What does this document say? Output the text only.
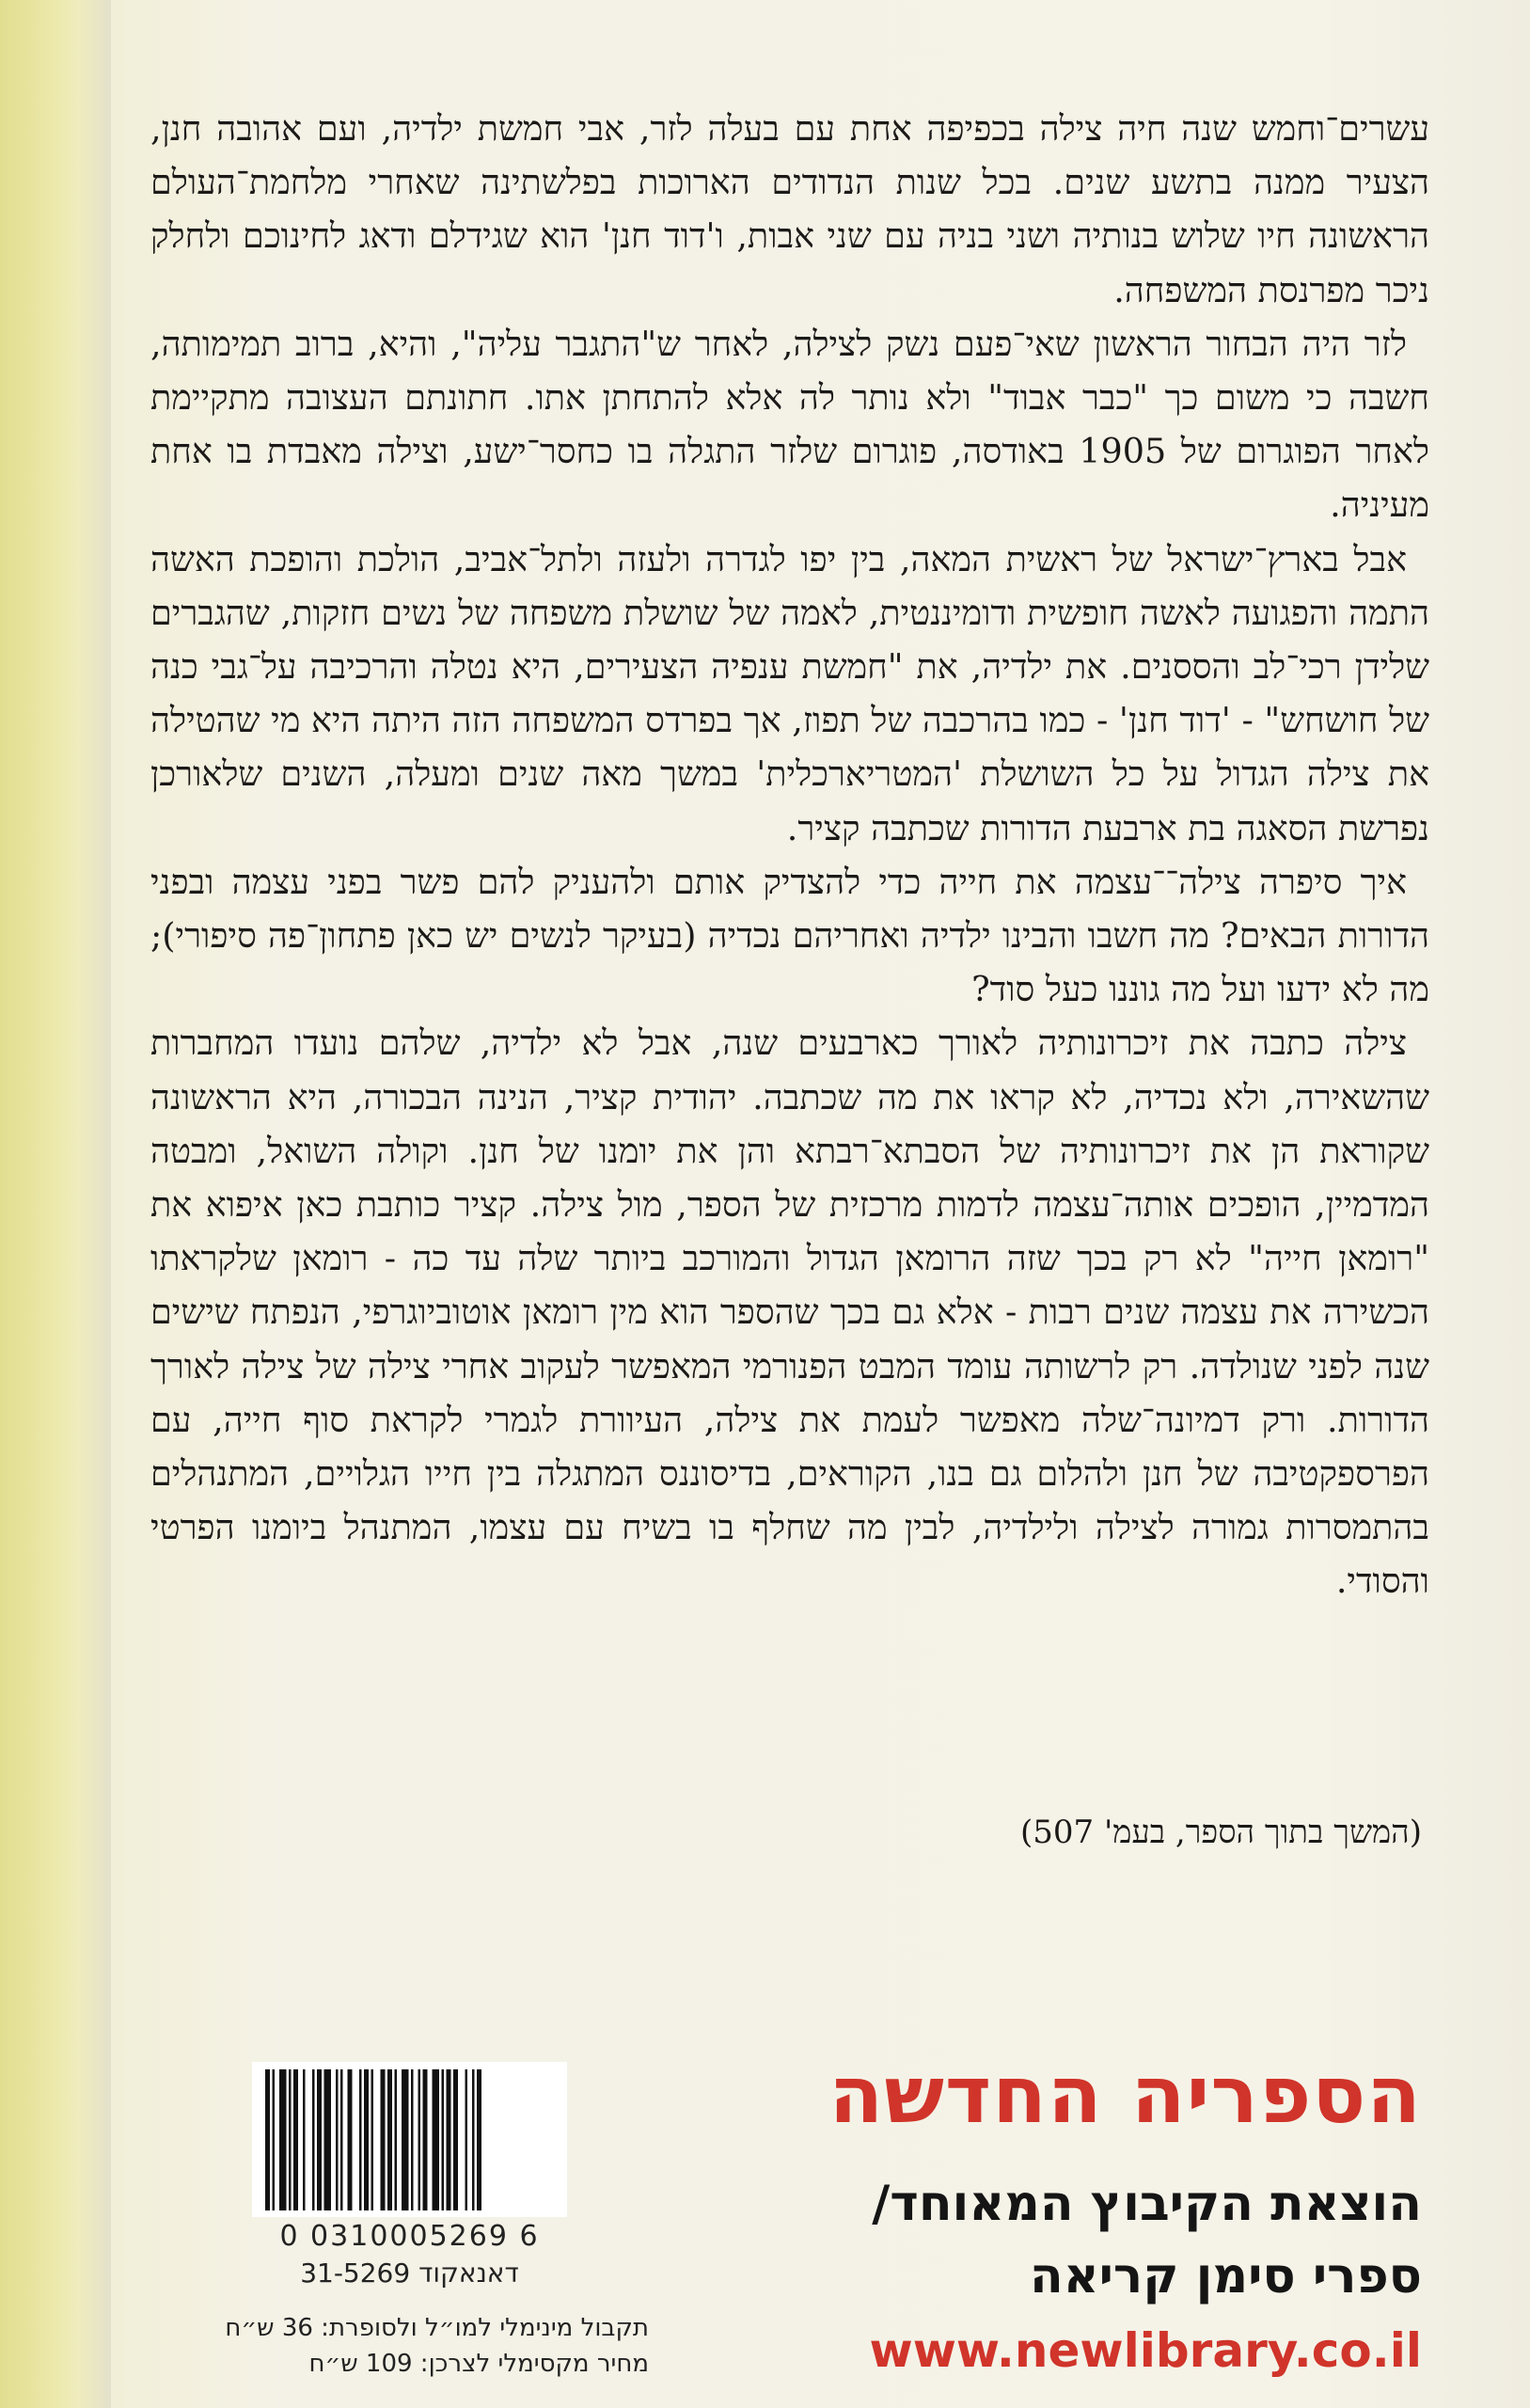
עשרים־וחמש שנה חיה צילה בכפיפה אחת עם בעלה לזר, אבי חמשת ילדיה, ועם אהובה חנן, הצעיר ממנה בתשע שנים. בכל שנות הנדודים הארוכות בפלשתינה שאחרי מלחמת־העולם הראשונה חיו שלוש בנותיה ושני בניה עם שני אבות, ו'דוד חנן' הוא שגידלם ודאג לחינוכם ולחלק ניכר מפרנסת המשפחה.

לזר היה הבחור הראשון שאי־פעם נשק לצילה, לאחר ש"התגבר עליה", והיא, ברוב תמימותה, חשבה כי משום כך "כבר אבוד" ולא נותר לה אלא להתחתן אתו. חתונתם העצובה מתקיימת לאחר הפוגרום של 1905 באודסה, פוגרום שלזר התגלה בו כחסר־ישע, וצילה מאבדת בו אחת מעיניה.

אבל בארץ־ישראל של ראשית המאה, בין יפו לגדרה ולעזה ולתל־אביב, הולכת והופכת האשה התמה והפגועה לאשה חופשית ודומיננטית, לאמה של שושלת משפחה של נשים חזקות, שהגברים שלידן רכי־לב והססנים. את ילדיה, את "חמשת ענפיה הצעירים, היא נטלה והרכיבה על־גבי כנה של חושחש" - 'דוד חנן' - כמו בהרכבה של תפוז, אך בפרדס המשפחה הזה היתה היא מי שהטילה את צילה הגדול על כל השושלת 'המטריארכלית' במשך מאה שנים ומעלה, השנים שלאורכן נפרשת הסאגה בת ארבעת הדורות שכתבה קציר.

איך סיפרה צילה־־עצמה את חייה כדי להצדיק אותם ולהעניק להם פשר בפני עצמה ובפני הדורות הבאים? מה חשבו והבינו ילדיה ואחריהם נכדיה (בעיקר לנשים יש כאן פתחון־פה סיפורי); מה לא ידעו ועל מה גוננו כעל סוד?

צילה כתבה את זיכרונותיה לאורך כארבעים שנה, אבל לא ילדיה, שלהם נועדו המחברות שהשאירה, ולא נכדיה, לא קראו את מה שכתבה. יהודית קציר, הנינה הבכורה, היא הראשונה שקוראת הן את זיכרונותיה של הסבתא־רבתא והן את יומנו של חנן. וקולה השואל, ומבטה המדמיין, הופכים אותה־עצמה לדמות מרכזית של הספר, מול צילה. קציר כותבת כאן איפוא את "רומאן חייה" לא רק בכך שזה הרומאן הגדול והמורכב ביותר שלה עד כה - רומאן שלקראתו הכשירה את עצמה שנים רבות - אלא גם בכך שהספר הוא מין רומאן אוטוביוגרפי, הנפתח שישים שנה לפני שנולדה. רק לרשותה עומד המבט הפנורמי המאפשר לעקוב אחרי צילה של צילה לאורך הדורות. ורק דמיונה־שלה מאפשר לעמת את צילה, העיוורת לגמרי לקראת סוף חייה, עם הפרספקטיבה של חנן ולהלום גם בנו, הקוראים, בדיסוננס המתגלה בין חייו הגלויים, המתנהלים בהתמסרות גמורה לצילה ולילדיה, לבין מה שחלף בו בשיח עם עצמו, המתנהל ביומנו הפרטי והסודי.

(המשך בתוך הספר, בעמ' 507)
0 0310005269 6
דאנאקוד 31-5269
תקבול מינימלי למו״ל ולסופרת: 36 ש״ח
מחיר מקסימלי לצרכן: 109 ש״ח
הספריה החדשה
הוצאת הקיבוץ המאוחד/
ספרי סימן קריאה
www.newlibrary.co.il
